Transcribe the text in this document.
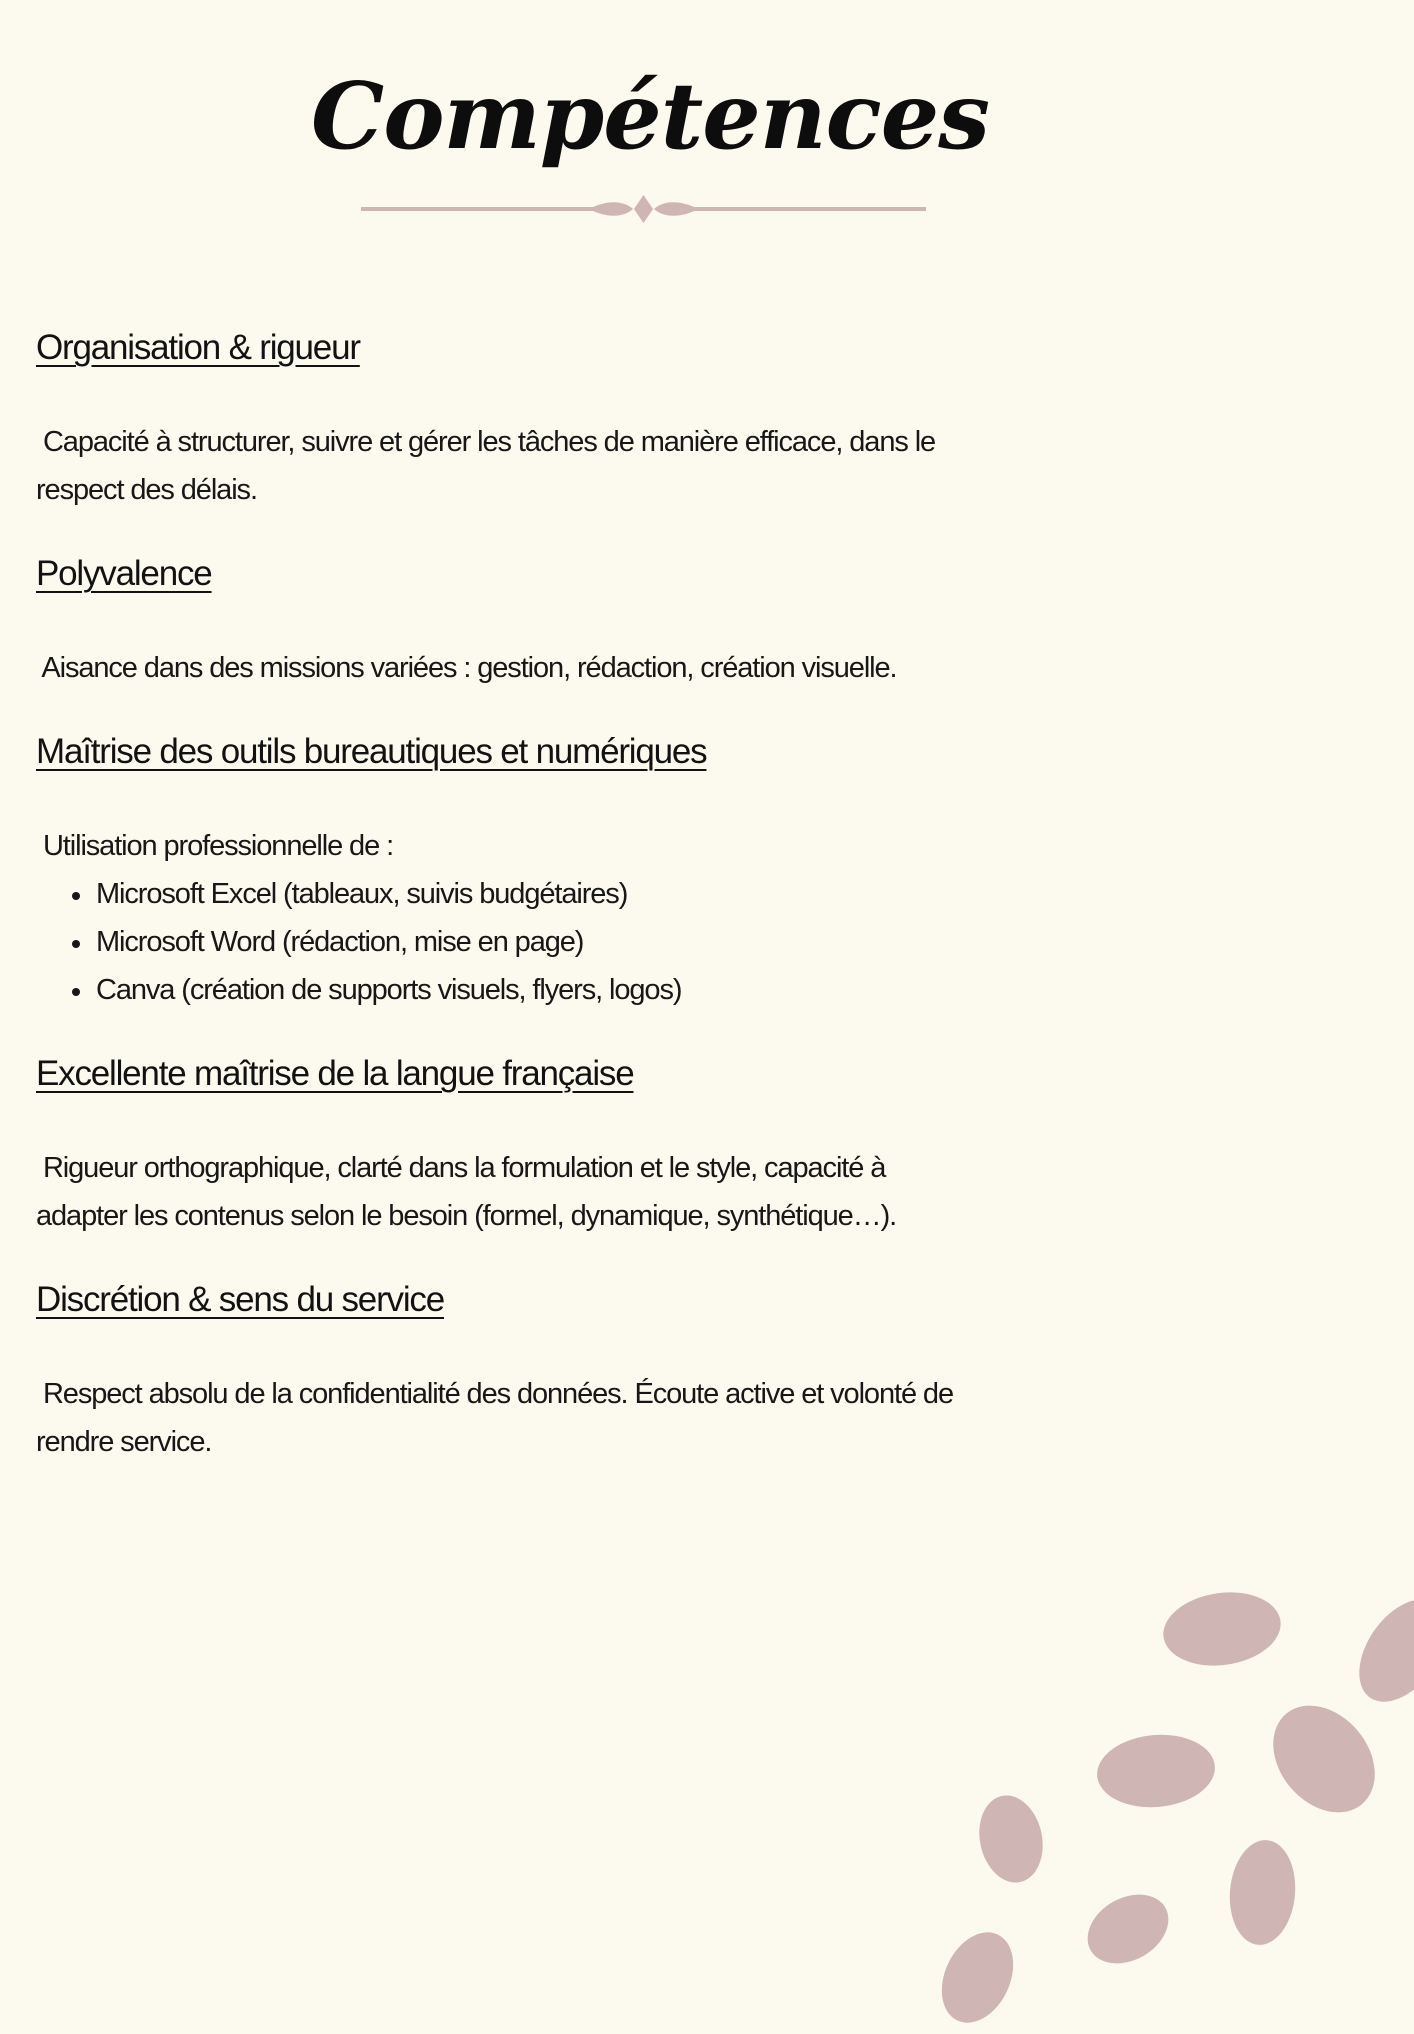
Compétences
Organisation & rigueur

Capacité à structurer, suivre et gérer les tâches de manière efficace, dans le
respect des délais.

Polyvalence

Aisance dans des missions variées : gestion, rédaction, création visuelle.

Maîtrise des outils bureautiques et numériques

Utilisation professionnelle de :

Microsoft Excel (tableaux, suivis budgétaires)
Microsoft Word (rédaction, mise en page)
Canva (création de supports visuels, flyers, logos)
Excellente maîtrise de la langue française

Rigueur orthographique, clarté dans la formulation et le style, capacité à
adapter les contenus selon le besoin (formel, dynamique, synthétique…).

Discrétion & sens du service

Respect absolu de la confidentialité des données. Écoute active et volonté de
rendre service.
